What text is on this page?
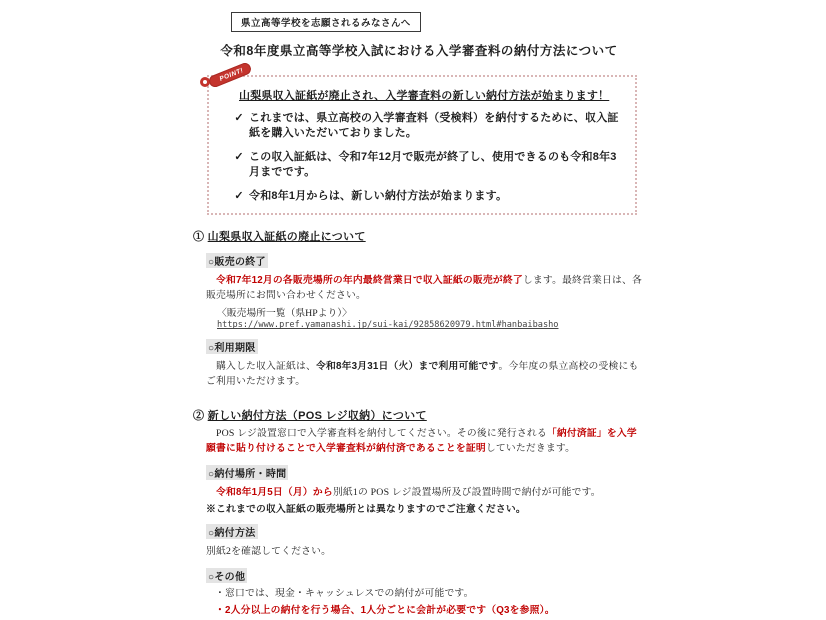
県立高等学校を志願されるみなさんへ
令和8年度県立高等学校入試における入学審査料の納付方法について
POINT!
山梨県収入証紙が廃止され、入学審査料の新しい納付方法が始まります！
✓ これまでは、県立高校の入学審査料（受検料）を納付するために、収入証紙を購入いただいておりました。
✓ この収入証紙は、令和7年12月で販売が終了し、使用できるのも令和8年3月までです。
✓ 令和8年1月からは、新しい納付方法が始まります。
① 山梨県収入証紙の廃止について
○販売の終了

令和7年12月の各販売場所の年内最終営業日で収入証紙の販売が終了します。最終営業日は、各販売場所にお問い合わせください。

〈販売場所一覧（県HPより）〉
https://www.pref.yamanashi.jp/sui-kai/92858620979.html#hanbaibasho
○利用期限

購入した収入証紙は、令和8年3月31日（火）まで利用可能です。今年度の県立高校の受検にもご利用いただけます。

② 新しい納付方法（POS レジ収納）について

POS レジ設置窓口で入学審査料を納付してください。その後に発行される「納付済証」を入学願書に貼り付けることで入学審査料が納付済であることを証明していただきます。

○納付場所・時間

令和8年1月5日（月）から別紙1の POS レジ設置場所及び設置時間で納付が可能です。

※これまでの収入証紙の販売場所とは異なりますのでご注意ください。
○納付方法

別紙2を確認してください。

○その他

・窓口では、現金・キャッシュレスでの納付が可能です。

・2人分以上の納付を行う場合、1人分ごとに会計が必要です（Q3を参照）。
